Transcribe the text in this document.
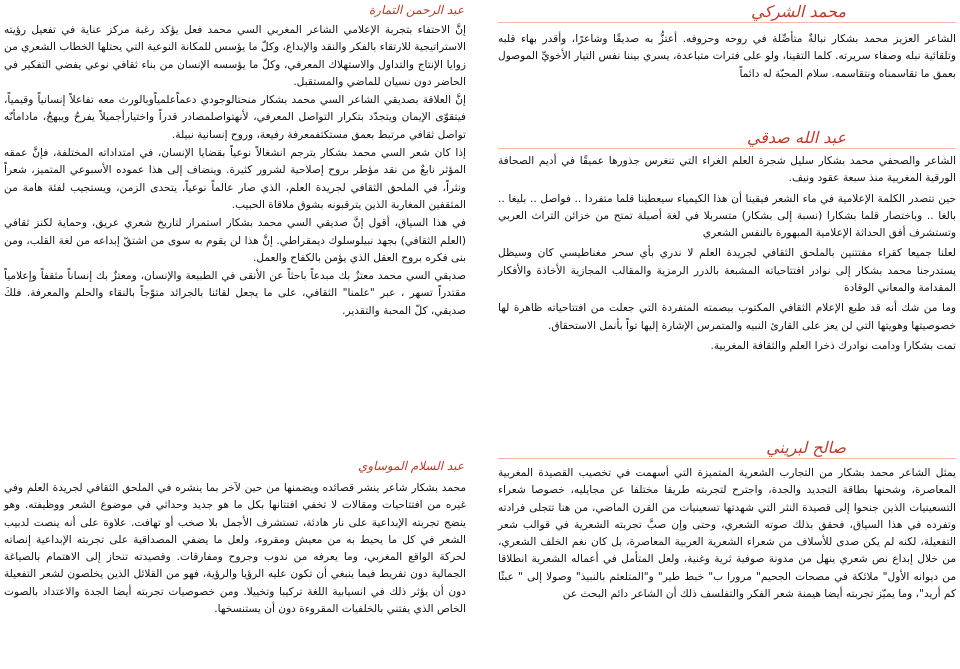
محمد الشركي

الشاعر العزيز محمد بشكار نبالةٌ متأصِّلة في روحه وحروفه. أعتزُّ به صديقًا وشاعرًا، وأقدر بهاء قلبه وتلقائية نبله وصفاء سريرته. كلما التقينا، ولو على فترات متباعدة، يسري بيننا نفس التيار الأخويِّ الموصول بعمق ما تقاسمناه ونتقاسمه. سلام المحبّة له دائماً

عبد الله صدقي

الشاعر والصحفي محمد بشكار سليل شجرة العلم الغراء التي تنغرس جذورها عميقًا في أديم الصحافة الورقية المغربية منذ سبعة عقود ونيف.

حين تتصدر الكلمة الإعلامية في ماء الشعر فيقينا أن هذا الكيمياء سيعطينا قلما متفردا .. فواصل .. بليغا .. بالغا .. وباختصار قلما بشكارا (نسبة إلى بشكار) متسربلا في لغة أصيلة تمتح من خزائن التراث العربي وتستشرف أفق الحداثة الإعلامية المبهورة بالنفس الشعري

لعلنا جميعا كقراء مفتتنين بالملحق الثقافي لجريدة العلم لا ندري بأي سحر مغناطيسي كان وسيظل يستدرجنا محمد بشكار إلى نوادر افتتاحياته المشبعة بالدرر الرمزية والمقالب المجازية الأخاذة والأفكار المقدامة والمعاني الوقادة

وما من شك أنه قد طبع الإعلام الثقافي المكتوب ببصمته المتفردة التي جعلت من افتتاحياته ظاهرة لها خصوصيتها وهويتها التي لن يعز على القارئ النبيه والمتمرس الإشارة إليها تواً بأنمل الاستحقاق.

تمت بشكارا ودامت نوادرك ذخرا العلم والثقافة المغربية.

صالح لبريني

يمثل الشاعر محمد بشكار من التجارب الشعرية المتميزة التي أسهمت في تخصيب القصيدة المغربية المعاصرة، وشحنها بطاقة التجديد والجدة، واجترح لتجربته طريقا مختلفا عن مجايليه، خصوصا شعراء التسعينيات الذين جنحوا إلى قصيدة النثر التي شهدتها تسعينيات من القرن الماضي، من هنا تتجلى فرادته وتفرده في هذا السياق، فحقق بذلك صوته الشعري، وحتى وإن صبَّ تجربته الشعرية في قوالب شعر التفعيلة، لكنه لم يكن صدى للأسلاف من شعراء الشعرية العربية المعاصرة، بل كان نغم الخلف الشعري، من خلال إبداع نص شعري ينهل من مدونة صوفية ثرية وغنية، ولعل المتأمل في أعماله الشعرية انطلاقا من ديوانه الأول" ملائكة في مصحات الجحيم" مرورا ب" خبط طير" و"المتلعثم بالنبيذ" وصولا إلى " عبثًا كم أريد"، وما يميّز تجربته أيضا هيمنة شعر الفكر والتفلسف ذلك أن الشاعر دائم البحث عن

عبد الرحمن التمارة

إنَّ الاحتفاء بتجربة الإعلامي الشاعر المغربي السي محمد فعل يؤكد رغبة مركز عناية في تفعيل رؤيته الاستراتيجية للارتقاء بالفكر والنقد والإبداع، وكلّ ما يؤسس للمكانة النوعية التي يحتلها الخطاب الشعري من زوايا الإنتاج والتداول والاستهلاك المعرفي، وكلّ ما يؤسسه الإنسان من بناء ثقافي نوعي يفضي التفكير في الحاضر دون نسيان للماضي والمستقبل.

إنَّ العلاقة بصديقي الشاعر السي محمد بشكار منحتالوجودي دعماًعلمياًوبالورث معه تفاعلاً إنسانياً وقيمياً، فيتقوّى الإيمان ويتجدّد بتكرار التواصل المعرفي، لأنهتواصلمصادر قدراً واختيارأجميلاً يفرحُ ويبهجُ، مادامأنّه تواصل ثقافي مرتبط بعمق مستكثفمعرفة رفيعة، وروح إنسانية نبيلة.

إذا كان شعر السي محمد بشكار يترجم انشغالاً نوعياً بقضايا الإنسان، في امتداداته المختلفة، فإنَّ عمقه المؤثر نابعٌ من نقد مؤطر بروح إصلاحية لشرور كثيرة. وينضاف إلى هذا عموده الأسبوعي المتميز، شعراً ونثراً، في الملحق الثقافي لجريدة العلم، الذي صار عالماً نوعياً، يتحدى الزمن، ويستجيب لفئة هامة من المثقفين المغاربة الذين يترقبونه بشوق ملاقاة الحبيب.

في هذا السياق، أقول إنَّ صديقي السي محمد بشكار استمرار لتاريخ شعري عريق، وحماية لكنز ثقافي (العلم الثقافي) بجهد نبيلوسلوك ديمقراطي. إنَّ هذا لن يقوم به سوى من اشتقّ إبداعه من لغة القلب، ومن بنى فكره بروح العقل الذي يؤمن بالكفاح والعمل.

صديقي السي محمد معتزٌ بك مبدعاً باحثاً عن الأنقى في الطبيعة والإنسان، ومعتزٌ بك إنساناً مثقفاً وإعلامياً مقتدراً تسهر ، عبر "علمنا" الثقافي، على ما يجعل لقائنا بالجرائد متوّجاً بالنقاء والحلم والمعرفة. فلكَ صديقي، كلّ المحبة والتقدير.

عبد السلام الموساوي

محمد بشكار شاعر ينشر قصائده ويضمنها من حين لآخر بما ينشره في الملحق الثقافي لجريدة العلم وفي غيره من افتتاحيات ومقالات لا تخفي افتتانها بكل ما هو جديد وحداثي في موضوع الشعر ووظيفته. وهو ينضج تجربته الإبداعية على نار هادئة، تستشرف الأجمل بلا صخب أو تهافت. علاوة على أنه ينصت لدبيب الشعر في كل ما يحيط به من معيش ومقروء، ولعل ما يضفي المصداقية على تجربته الإبداعية إنصاته لحركة الواقع المغربي، وما يعرفه من ندوب وجروح ومفارقات. وقصيدته تنحاز إلى الاهتمام بالصياغة الجمالية دون تفريط فيما ينبغي أن تكون عليه الرؤيا والرؤية، فهو من القلائل الذين يخلصون لشعر التفعيلة دون أن يؤثر ذلك في انسيابية اللغة تركيبا وتخييلا. ومن خصوصيات تجربته أيضا الجدة والاعتداد بالصوت الخاص الذي يفتني بالخلفيات المقروءة دون أن يستنسخها.
